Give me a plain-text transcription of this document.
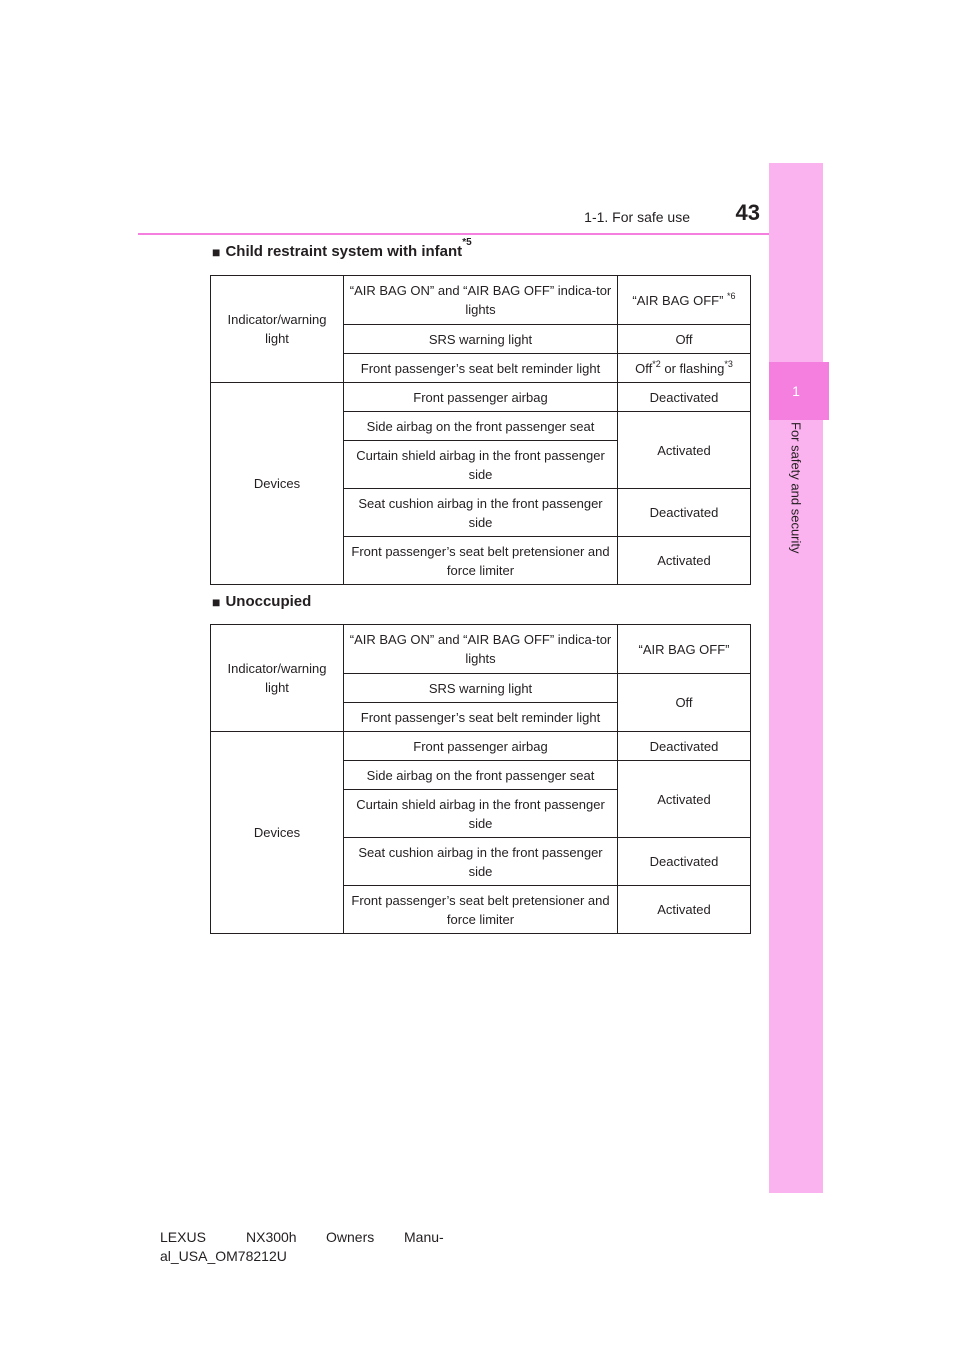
1
For safety and security
1-1. For safe use	43
■ Child restraint system with infant
$^{*5}$
Indicator/warning light	“AIR BAG ON” and “AIR BAG OFF” indica-tor lights	“AIR BAG OFF” $^{*6}$
	SRS warning light	Off
	Front passenger’s seat belt reminder light	Off$^{*2}$ or flashing$^{*3}$
Devices	Front passenger airbag	Deactivated
	Side airbag on the front passenger seat	Activated
	Curtain shield airbag in the front passenger side	
	Seat cushion airbag in the front passenger side	Deactivated
	Front passenger’s seat belt pretensioner and force limiter	Activated
■ Unoccupied
Indicator/warning light	“AIR BAG ON” and “AIR BAG OFF” indica-tor lights	“AIR BAG OFF”
	SRS warning light	Off
	Front passenger’s seat belt reminder light	
Devices	Front passenger airbag	Deactivated
	Side airbag on the front passenger seat	Activated
	Curtain shield airbag in the front passenger side	
	Seat cushion airbag in the front passenger side	Deactivated
	Front passenger’s seat belt pretensioner and force limiter	Activated
LEXUS	NX300h Owners Manu-
al_USA_OM78212U
